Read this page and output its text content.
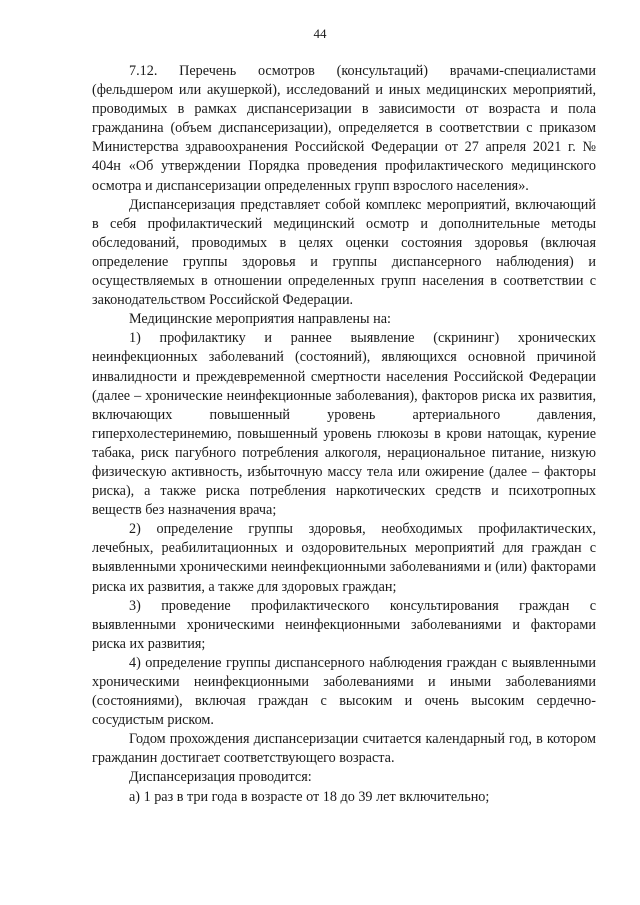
44

7.12. Перечень осмотров (консультаций) врачами-специалистами (фельдшером или акушеркой), исследований и иных медицинских мероприятий, проводимых в рамках диспансеризации в зависимости от возраста и пола гражданина (объем диспансеризации), определяется в соответствии с приказом Министерства здравоохранения Российской Федерации от 27 апреля 2021 г. № 404н «Об утверждении Порядка проведения профилактического медицинского осмотра и диспансеризации определенных групп взрослого населения».

Диспансеризация представляет собой комплекс мероприятий, включающий в себя профилактический медицинский осмотр и дополнительные методы обследований, проводимых в целях оценки состояния здоровья (включая определение группы здоровья и группы диспансерного наблюдения) и осуществляемых в отношении определенных групп населения в соответствии с законодательством Российской Федерации.

Медицинские мероприятия направлены на:

1) профилактику и раннее выявление (скрининг) хронических неинфекционных заболеваний (состояний), являющихся основной причиной инвалидности и преждевременной смертности населения Российской Федерации (далее – хронические неинфекционные заболевания), факторов риска их развития, включающих повышенный уровень артериального давления, гиперхолестеринемию, повышенный уровень глюкозы в крови натощак, курение табака, риск пагубного потребления алкоголя, нерациональное питание, низкую физическую активность, избыточную массу тела или ожирение (далее – факторы риска), а также риска потребления наркотических средств и психотропных веществ без назначения врача;

2) определение группы здоровья, необходимых профилактических, лечебных, реабилитационных и оздоровительных мероприятий для граждан с выявленными хроническими неинфекционными заболеваниями и (или) факторами риска их развития, а также для здоровых граждан;

3) проведение профилактического консультирования граждан с выявленными хроническими неинфекционными заболеваниями и факторами риска их развития;

4) определение группы диспансерного наблюдения граждан с выявленными хроническими неинфекционными заболеваниями и иными заболеваниями (состояниями), включая граждан с высоким и очень высоким сердечно-сосудистым риском.

Годом прохождения диспансеризации считается календарный год, в котором гражданин достигает соответствующего возраста.

Диспансеризация проводится:

а) 1 раз в три года в возрасте от 18 до 39 лет включительно;
